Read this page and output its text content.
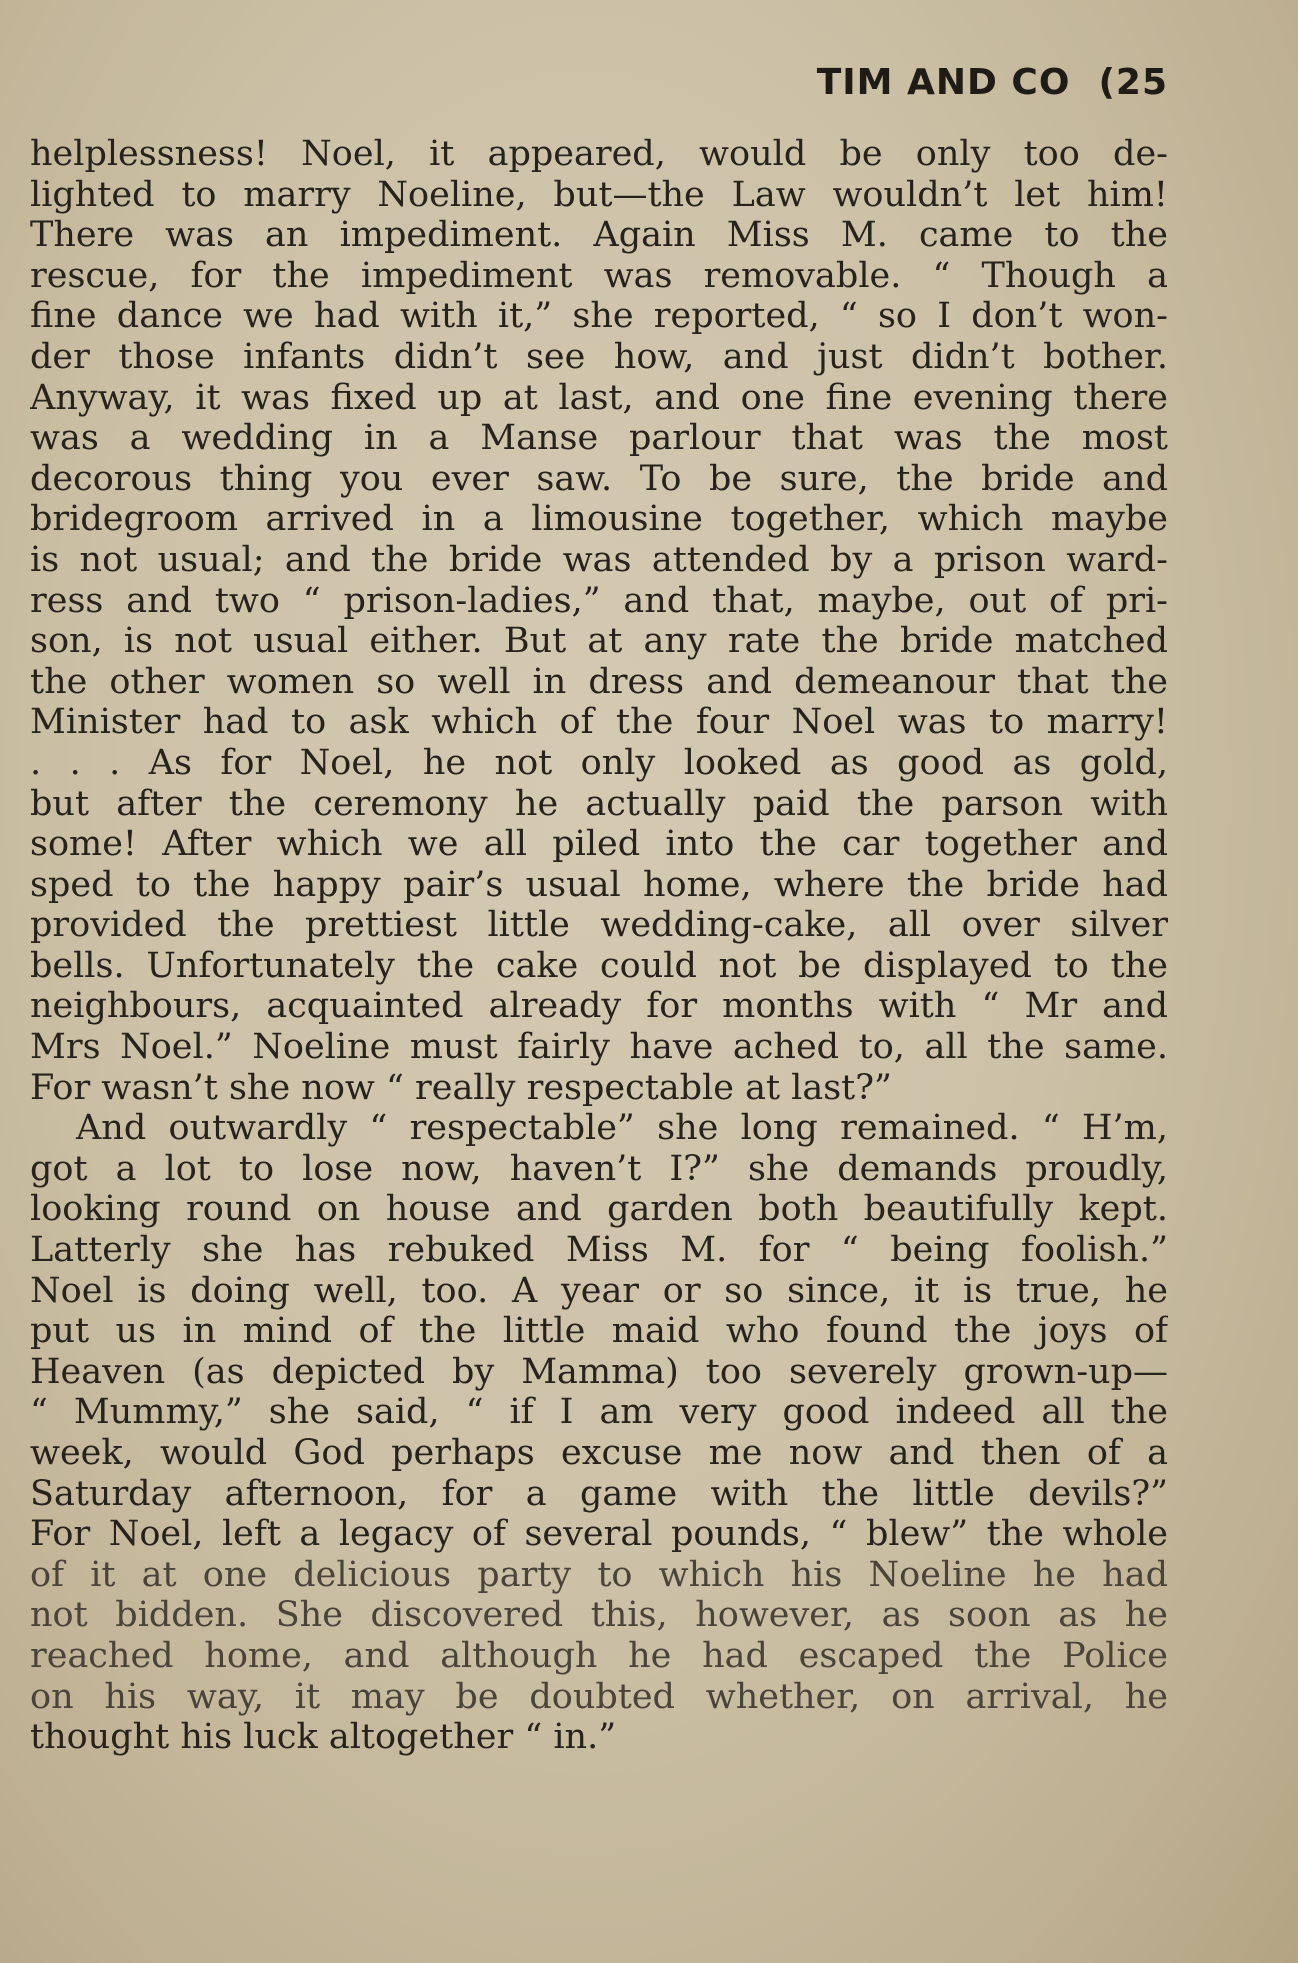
TIM AND CO (25
helplessness! Noel, it appeared, would be only too de-
lighted to marry Noeline, but—the Law wouldn’t let him!
There was an impediment. Again Miss M. came to the
rescue, for the impediment was removable. “ Though a
fine dance we had with it,” she reported, “ so I don’t won-
der those infants didn’t see how, and just didn’t bother.
Anyway, it was fixed up at last, and one fine evening there
was a wedding in a Manse parlour that was the most
decorous thing you ever saw. To be sure, the bride and
bridegroom arrived in a limousine together, which maybe
is not usual; and the bride was attended by a prison ward-
ress and two “ prison-ladies,” and that, maybe, out of pri-
son, is not usual either. But at any rate the bride matched
the other women so well in dress and demeanour that the
Minister had to ask which of the four Noel was to marry!
. . . As for Noel, he not only looked as good as gold,
but after the ceremony he actually paid the parson with
some! After which we all piled into the car together and
sped to the happy pair’s usual home, where the bride had
provided the prettiest little wedding-cake, all over silver
bells. Unfortunately the cake could not be displayed to the
neighbours, acquainted already for months with “ Mr and
Mrs Noel.” Noeline must fairly have ached to, all the same.
For wasn’t she now “ really respectable at last?”
And outwardly “ respectable” she long remained. “ H’m,
got a lot to lose now, haven’t I?” she demands proudly,
looking round on house and garden both beautifully kept.
Latterly she has rebuked Miss M. for “ being foolish.”
Noel is doing well, too. A year or so since, it is true, he
put us in mind of the little maid who found the joys of
Heaven (as depicted by Mamma) too severely grown-up—
“ Mummy,” she said, “ if I am very good indeed all the
week, would God perhaps excuse me now and then of a
Saturday afternoon, for a game with the little devils?”
For Noel, left a legacy of several pounds, “ blew” the whole
of it at one delicious party to which his Noeline he had
not bidden. She discovered this, however, as soon as he
reached home, and although he had escaped the Police
on his way, it may be doubted whether, on arrival, he
thought his luck altogether “ in.”
